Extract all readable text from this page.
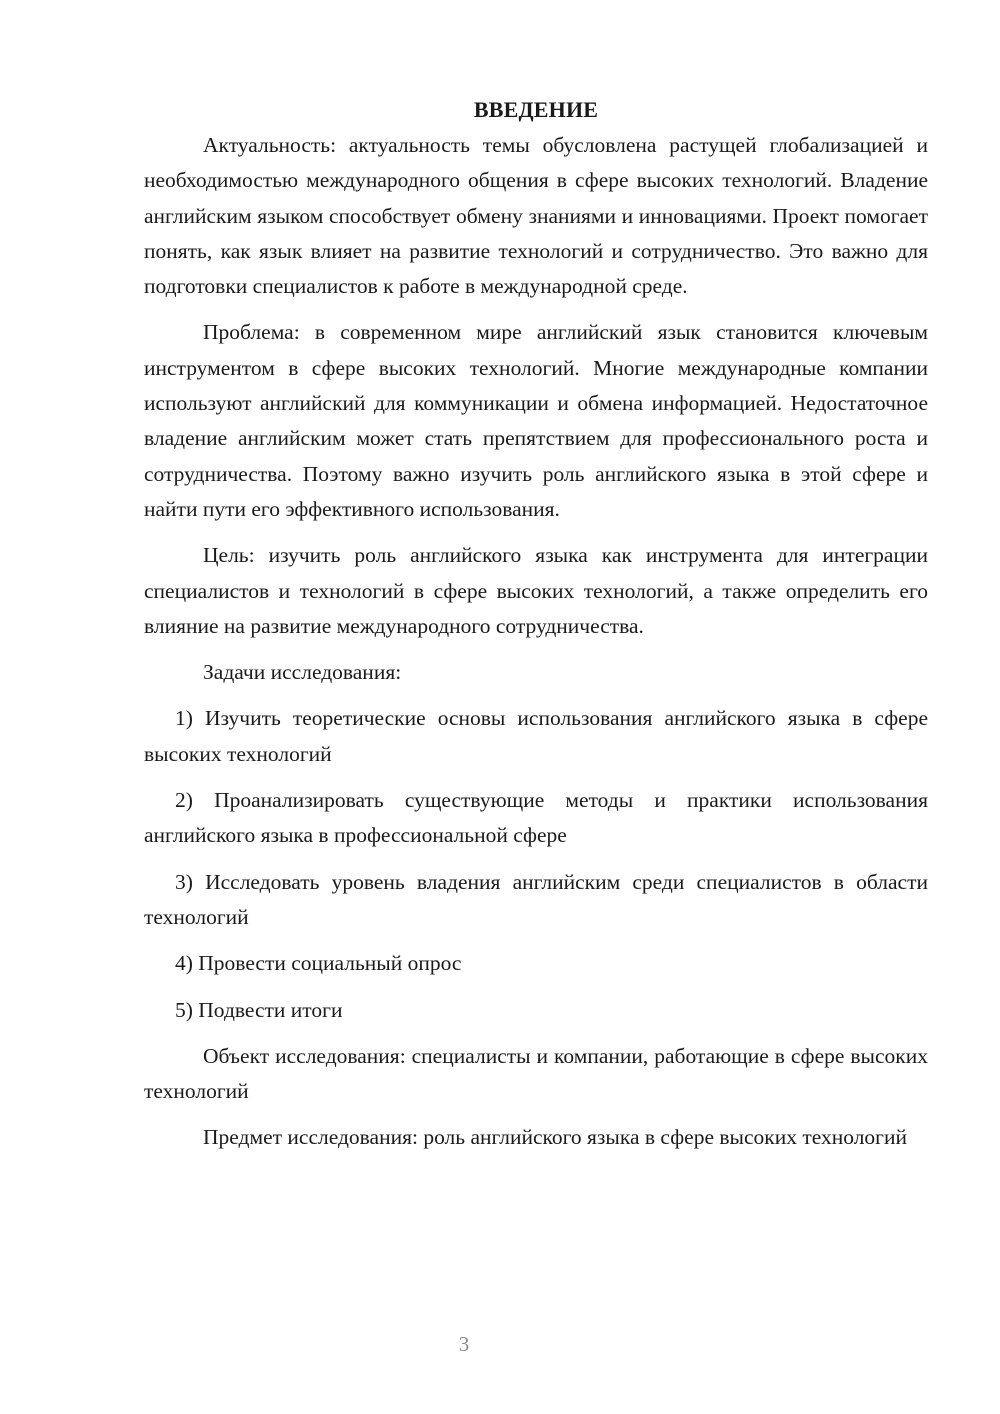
ВВЕДЕНИЕ

Актуальность: актуальность темы обусловлена растущей глобализацией и необходимостью международного общения в сфере высоких технологий. Владение английским языком способствует обмену знаниями и инновациями. Проект помогает понять, как язык влияет на развитие технологий и сотрудничество. Это важно для подготовки специалистов к работе в международной среде.

Проблема: в современном мире английский язык становится ключевым инструментом в сфере высоких технологий. Многие международные компании используют английский для коммуникации и обмена информацией. Недостаточное владение английским может стать препятствием для профессионального роста и сотрудничества. Поэтому важно изучить роль английского языка в этой сфере и найти пути его эффективного использования.

Цель: изучить роль английского языка как инструмента для интеграции специалистов и технологий в сфере высоких технологий, а также определить его влияние на развитие международного сотрудничества.

Задачи исследования:

1) Изучить теоретические основы использования английского языка в сфере высоких технологий

2) Проанализировать существующие методы и практики использования английского языка в профессиональной сфере

3) Исследовать уровень владения английским среди специалистов в области технологий

4) Провести социальный опрос

5) Подвести итоги

Объект исследования: специалисты и компании, работающие в сфере высоких технологий

Предмет исследования: роль английского языка в сфере высоких технологий

3
